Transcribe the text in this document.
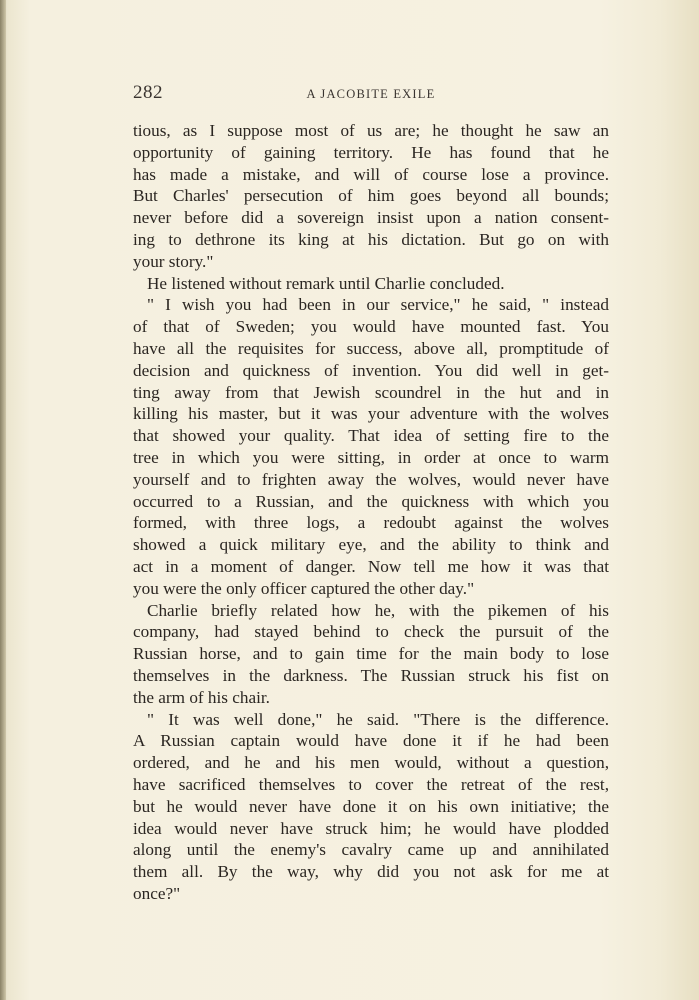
282	A JACOBITE EXILE
tious, as I suppose most of us are; he thought he saw an
opportunity of gaining territory. He has found that he
has made a mistake, and will of course lose a province.
But Charles' persecution of him goes beyond all bounds;
never before did a sovereign insist upon a nation consent-
ing to dethrone its king at his dictation. But go on with
your story."
He listened without remark until Charlie concluded.
" I wish you had been in our service," he said, " instead
of that of Sweden; you would have mounted fast. You
have all the requisites for success, above all, promptitude of
decision and quickness of invention. You did well in get-
ting away from that Jewish scoundrel in the hut and in
killing his master, but it was your adventure with the wolves
that showed your quality. That idea of setting fire to the
tree in which you were sitting, in order at once to warm
yourself and to frighten away the wolves, would never have
occurred to a Russian, and the quickness with which you
formed, with three logs, a redoubt against the wolves
showed a quick military eye, and the ability to think and
act in a moment of danger. Now tell me how it was that
you were the only officer captured the other day."
Charlie briefly related how he, with the pikemen of his
company, had stayed behind to check the pursuit of the
Russian horse, and to gain time for the main body to lose
themselves in the darkness. The Russian struck his fist on
the arm of his chair.
" It was well done," he said. "There is the difference.
A Russian captain would have done it if he had been
ordered, and he and his men would, without a question,
have sacrificed themselves to cover the retreat of the rest,
but he would never have done it on his own initiative; the
idea would never have struck him; he would have plodded
along until the enemy's cavalry came up and annihilated
them all. By the way, why did you not ask for me at
once?"
